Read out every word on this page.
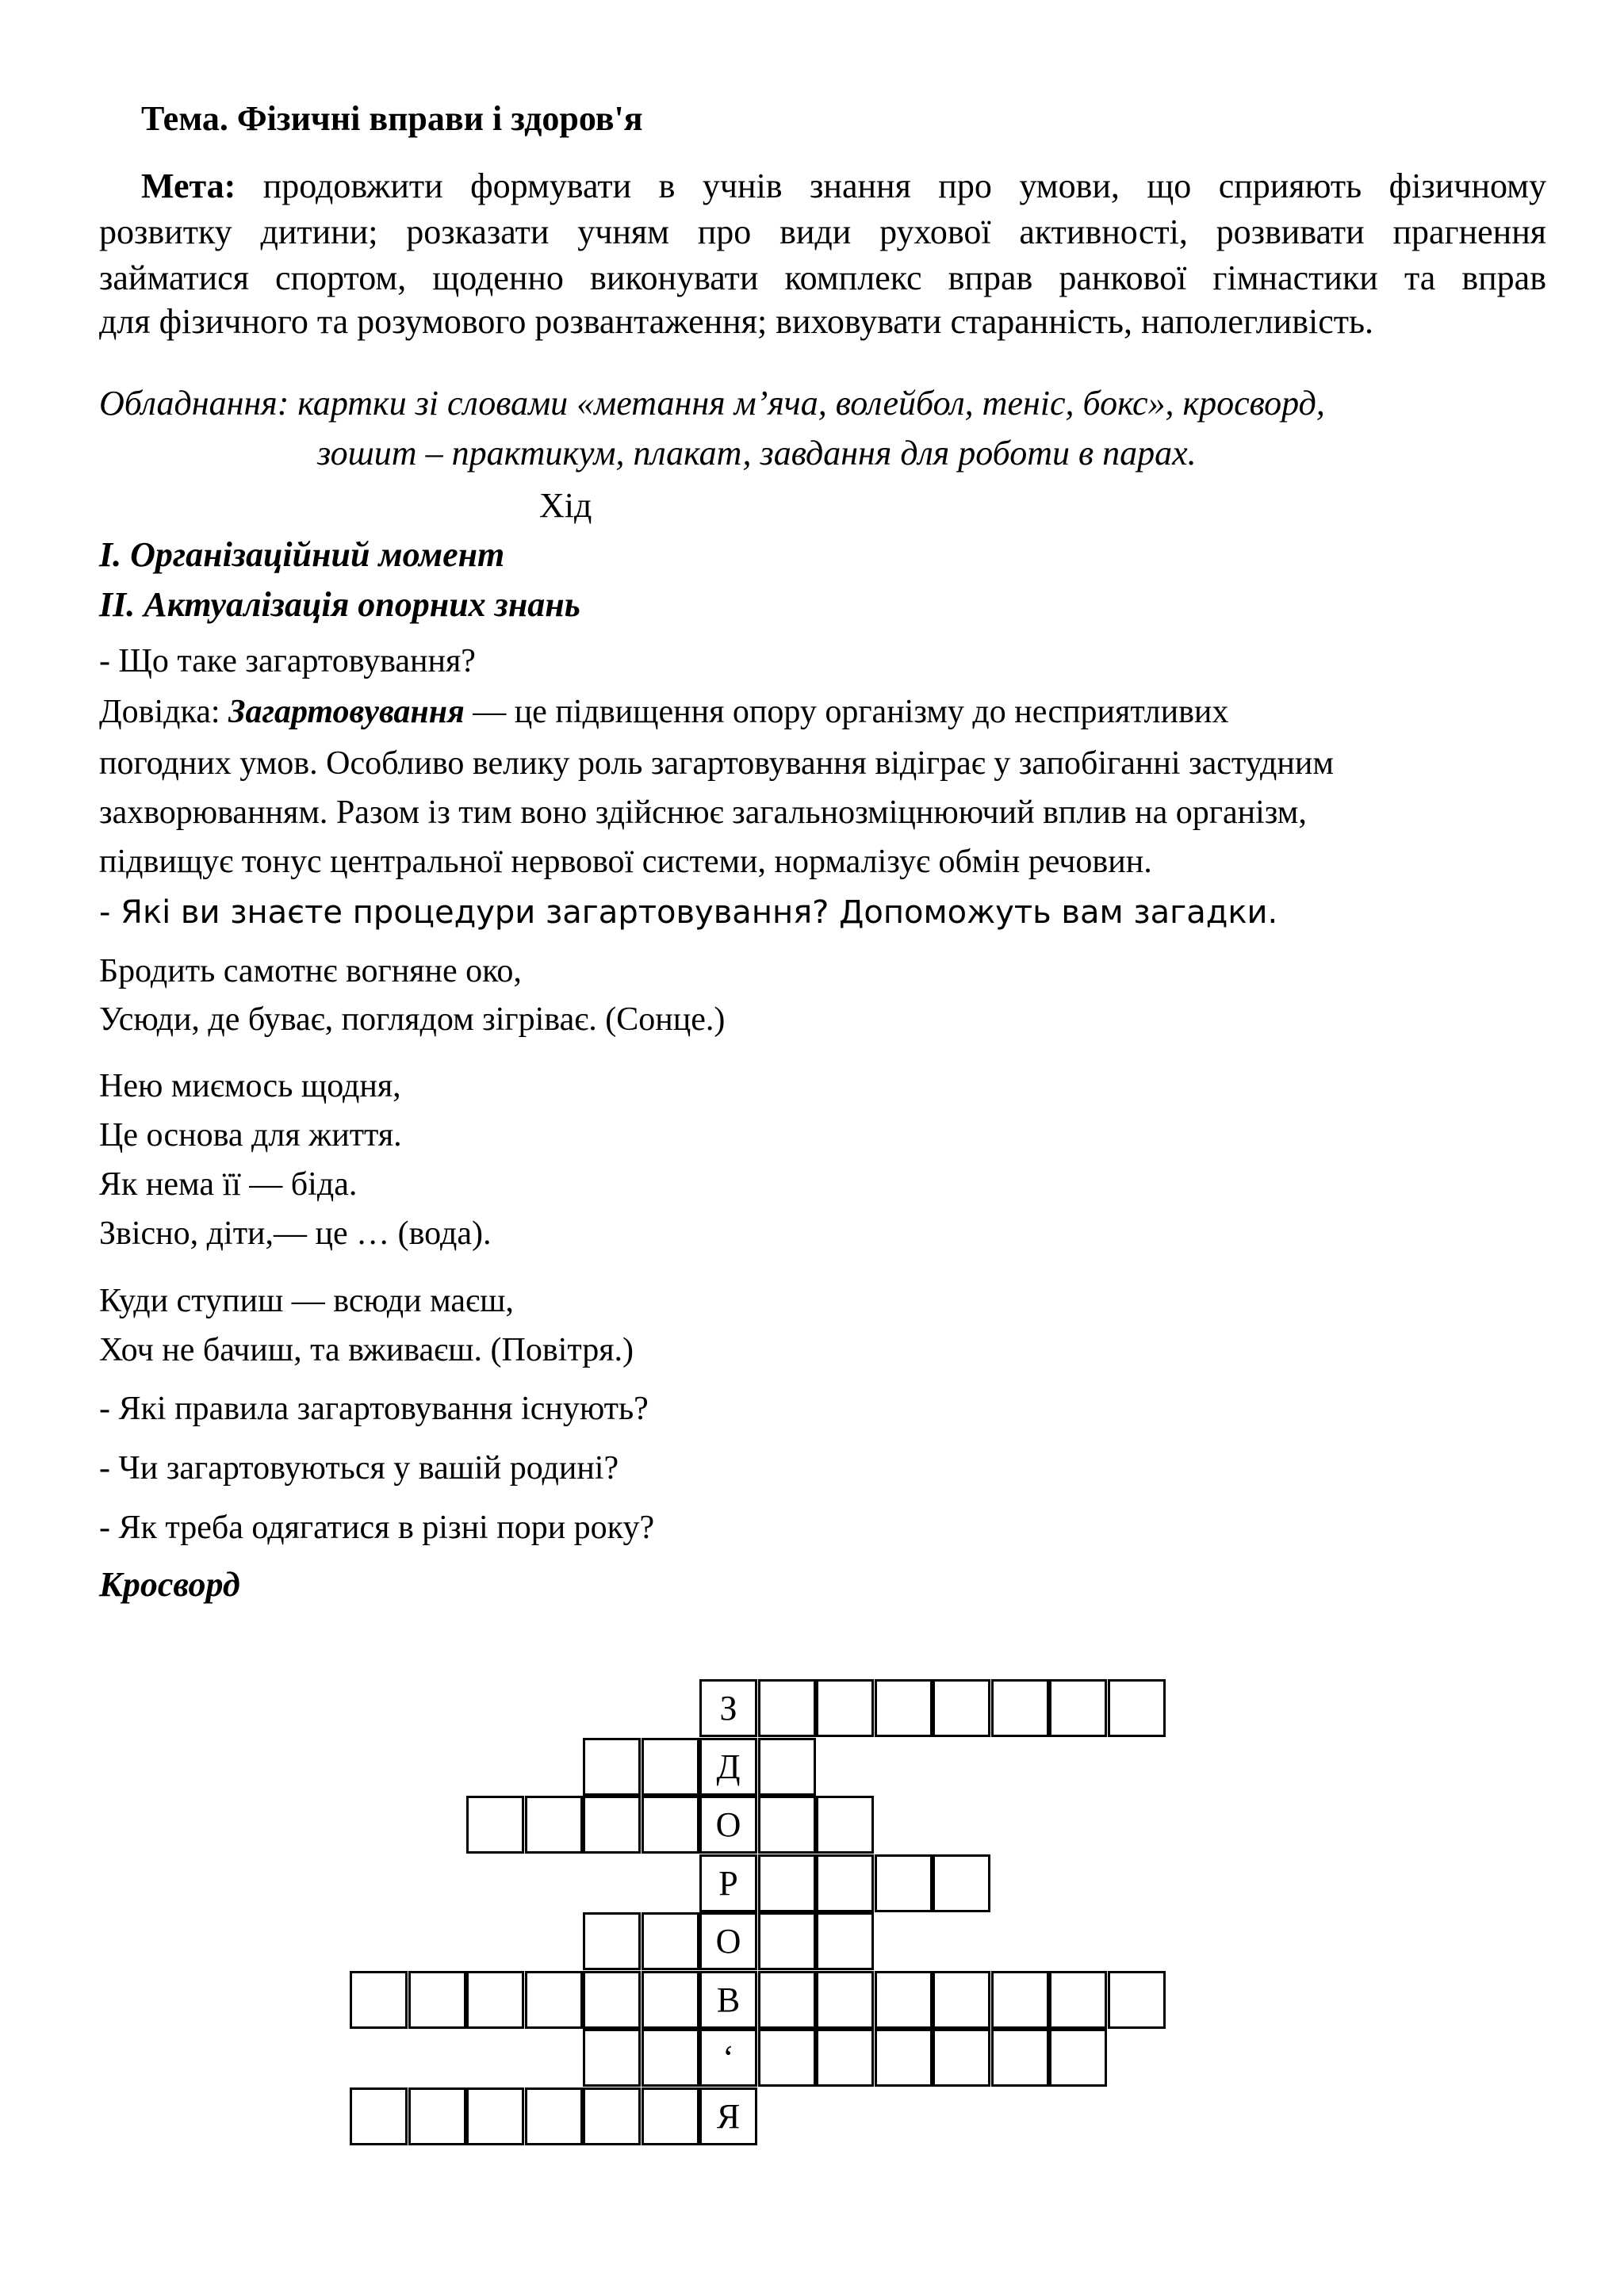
Тема. Фізичні вправи і здоров'я
Мета: продовжити формувати в учнів знання про умови, що сприяють фізичному
розвитку дитини; розказати учням про види рухової активності, розвивати прагнення
займатися спортом, щоденно виконувати комплекс вправ ранкової гімнастики та вправ
для фізичного та розумового розвантаження; виховувати старанність, наполегливість.
Обладнання: картки зі словами «метання м’яча, волейбол, теніс, бокс», кросворд,
зошит – практикум, плакат, завдання для роботи в парах.
Хід
I. Організаційний момент
II. Актуалізація опорних знань
- Що таке загартовування?
Довідка: Загартовування — це підвищення опору організму до несприятливих
погодних умов. Особливо велику роль загартовування відіграє у запобіганні застудним
захворюванням. Разом із тим воно здійснює загальнозміцнюючий вплив на організм,
підвищує тонус центральної нервової системи, нормалізує обмін речовин.
- Які ви знаєте процедури загартовування? Допоможуть вам загадки.
Бродить самотнє вогняне око,
Усюди, де буває, поглядом зігріває. (Сонце.)
Нею миємось щодня,
Це основа для життя.
Як нема її — біда.
Звісно, діти,— це … (вода).
Куди ступиш — всюди маєш,
Хоч не бачиш, та вживаєш. (Повітря.)
- Які правила загартовування існують?
- Чи загартовуються у вашій родині?
- Як треба одягатися в різні пори року?
Кросворд
З
Д
О
Р
О
В
‘
Я
